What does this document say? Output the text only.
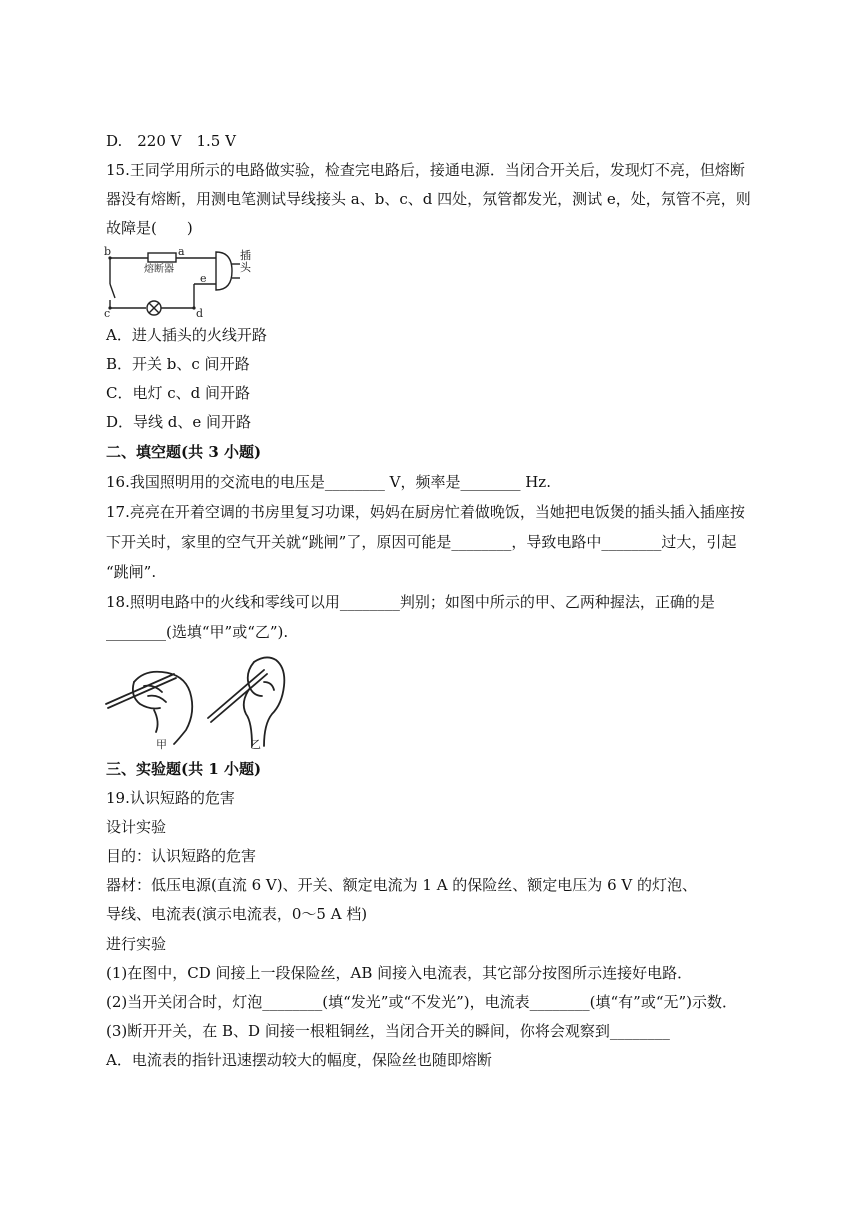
D.　220 V　1.5 V
15.王同学用所示的电路做实验，检查完电路后，接通电源．当闭合开关后，发现灯不亮，但熔断
器没有熔断，用测电笔测试导线接头 a、b、c、d 四处，氖管都发光，测试 e，处，氖管不亮，则
故障是(　　)
b	a
c	d
e
熔断器
插头
A．进人插头的火线开路
B．开关 b、c 间开路
C．电灯 c、d 间开路
D．导线 d、e 间开路
二、填空题(共 3 小题)
16.我国照明用的交流电的电压是________ V，频率是________ Hz.
17.亮亮在开着空调的书房里复习功课，妈妈在厨房忙着做晚饭，当她把电饭煲的插头插入插座按
下开关时，家里的空气开关就“跳闸”了，原因可能是________，导致电路中________过大，引起
“跳闸”.
18.照明电路中的火线和零线可以用________判别；如图中所示的甲、乙两种握法，正确的是
________(选填“甲”或“乙”).
甲	乙
三、实验题(共 1 小题)
19.认识短路的危害
设计实验
目的：认识短路的危害
器材：低压电源(直流 6 V)、开关、额定电流为 1 A 的保险丝、额定电压为 6 V 的灯泡、
导线、电流表(演示电流表，0～5 A 档)
进行实验
(1)在图中，CD 间接上一段保险丝，AB 间接入电流表，其它部分按图所示连接好电路．
(2)当开关闭合时，灯泡________(填“发光”或“不发光”)，电流表________(填“有”或“无”)示数．
(3)断开开关，在 B、D 间接一根粗铜丝，当闭合开关的瞬间，你将会观察到________
A．电流表的指针迅速摆动较大的幅度，保险丝也随即熔断
